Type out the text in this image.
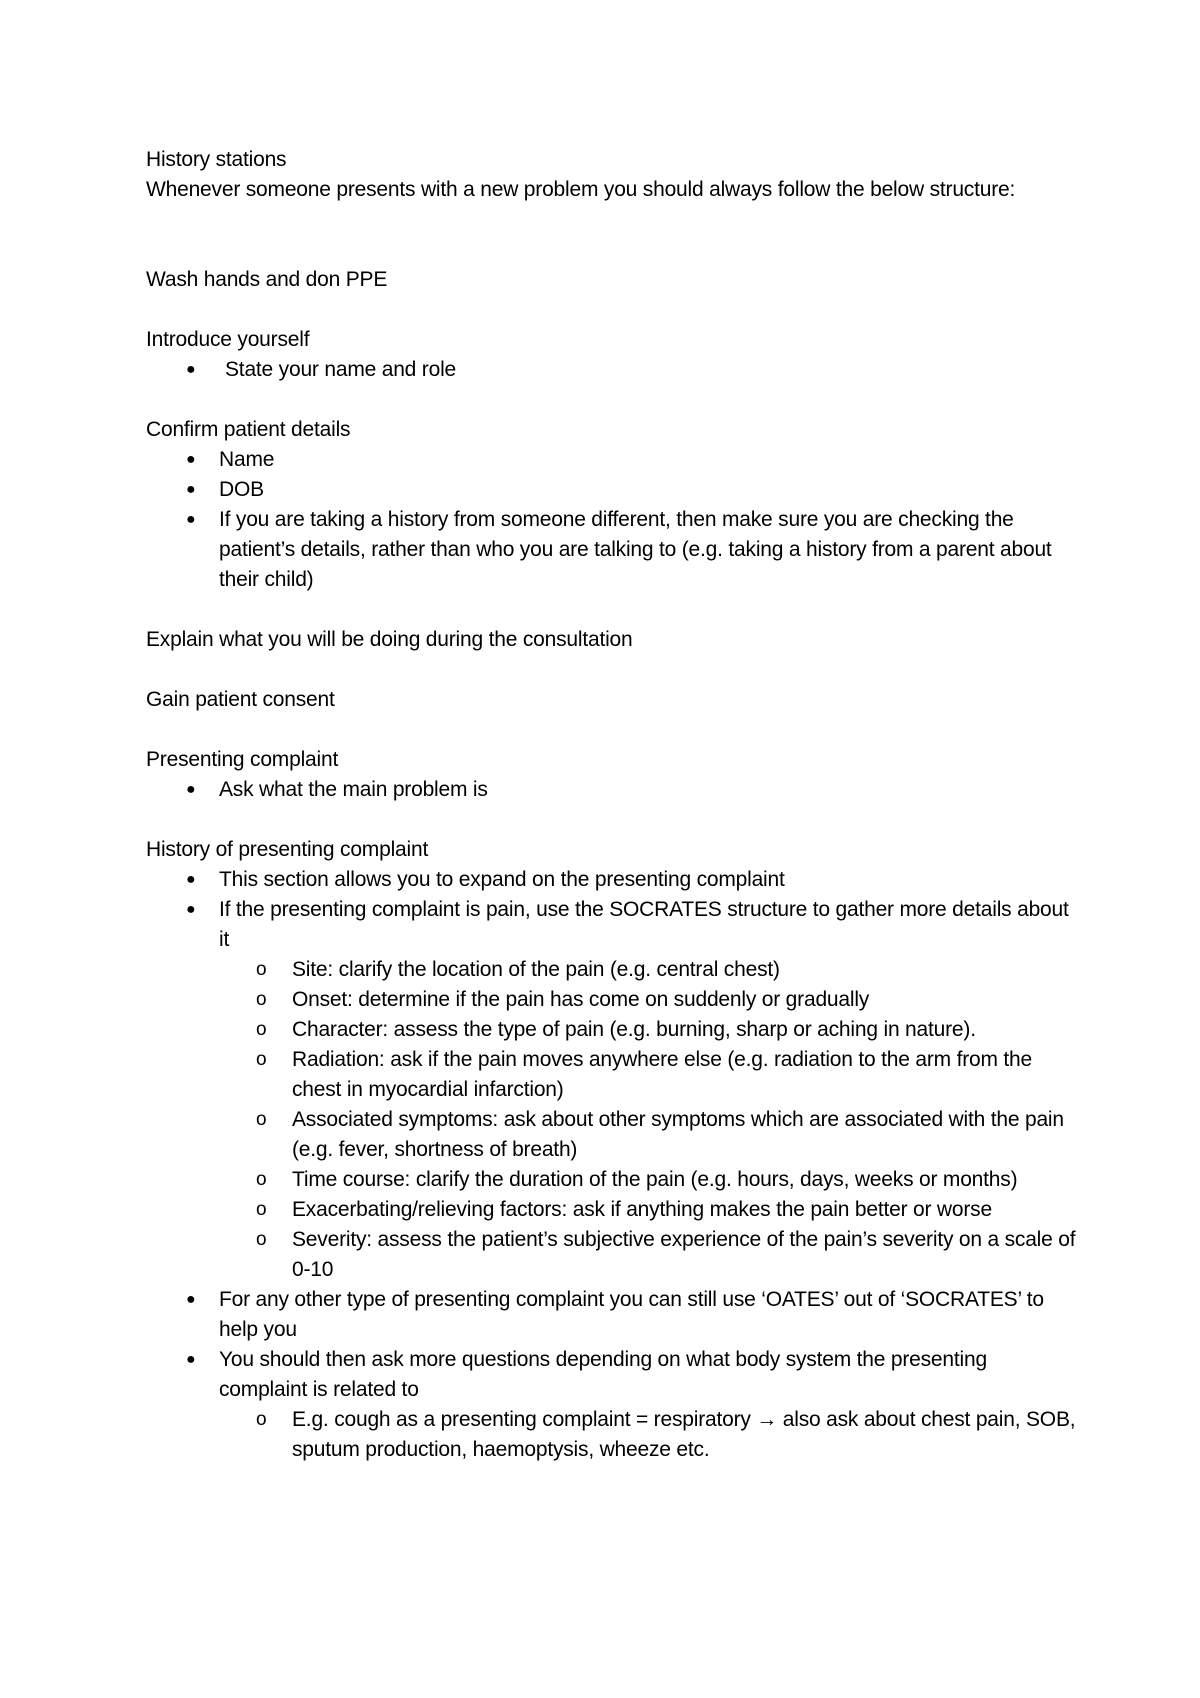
History stations

Whenever someone presents with a new problem you should always follow the below structure:

Wash hands and don PPE

Introduce yourself

● State your name and role

Confirm patient details

● Name
● DOB
● If you are taking a history from someone different, then make sure you are checking the patient’s details, rather than who you are talking to (e.g. taking a history from a parent about their child)

Explain what you will be doing during the consultation

Gain patient consent

Presenting complaint

● Ask what the main problem is

History of presenting complaint

● This section allows you to expand on the presenting complaint
● If the presenting complaint is pain, use the SOCRATES structure to gather more details about it
o Site: clarify the location of the pain (e.g. central chest)
o Onset: determine if the pain has come on suddenly or gradually
o Character: assess the type of pain (e.g. burning, sharp or aching in nature).
o Radiation: ask if the pain moves anywhere else (e.g. radiation to the arm from the chest in myocardial infarction)
o Associated symptoms: ask about other symptoms which are associated with the pain (e.g. fever, shortness of breath)
o Time course: clarify the duration of the pain (e.g. hours, days, weeks or months)
o Exacerbating/relieving factors: ask if anything makes the pain better or worse
o Severity: assess the patient’s subjective experience of the pain’s severity on a scale of 0-10
● For any other type of presenting complaint you can still use ‘OATES’ out of ‘SOCRATES’ to help you
● You should then ask more questions depending on what body system the presenting complaint is related to
o E.g. cough as a presenting complaint = respiratory → also ask about chest pain, SOB, sputum production, haemoptysis, wheeze etc.
